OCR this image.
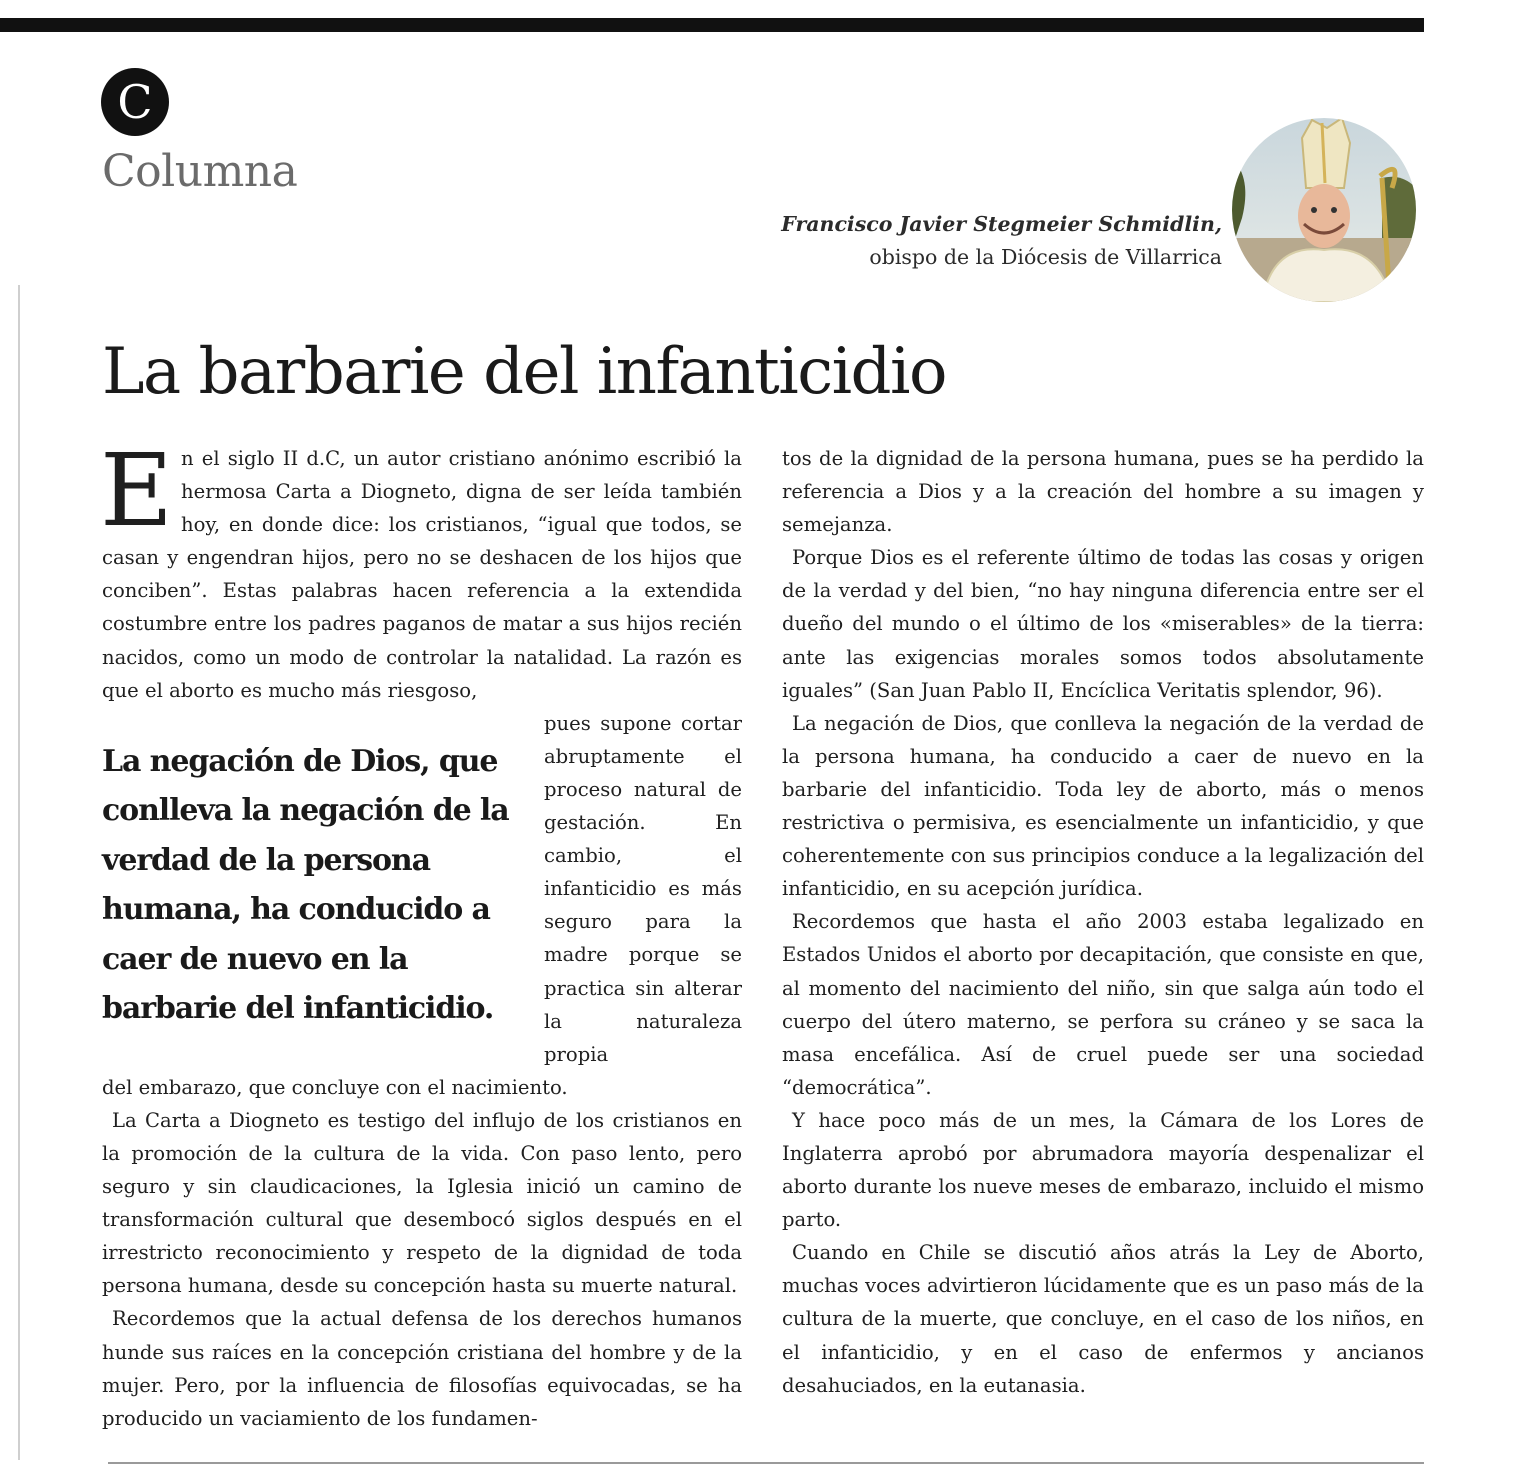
C
Columna
Francisco Javier Stegmeier Schmidlin,
obispo de la Diócesis de Villarrica
La barbarie del infanticidio

En el siglo II d.C, un autor cristiano anónimo escribió la hermosa Carta a Diogneto, digna de ser leída también hoy, en donde dice: los cristianos, “igual que todos, se casan y engendran hijos, pero no se deshacen de los hijos que conciben”. Estas palabras hacen referencia a la extendida costumbre entre los padres paganos de matar a sus hijos recién nacidos, como un modo de controlar la natalidad. La razón es que el aborto es mucho más riesgoso,

La negación de Dios, que conlleva la negación de la verdad de la persona humana, ha conducido a caer de nuevo en la barbarie del infanticidio.
pues supone cortar abruptamente el proceso natural de gestación. En cambio, el infanticidio es más seguro para la madre porque se practica sin alterar la naturaleza propia

del embarazo, que concluye con el nacimiento.

La Carta a Diogneto es testigo del influjo de los cristianos en la promoción de la cultura de la vida. Con paso lento, pero seguro y sin claudicaciones, la Iglesia inició un camino de transformación cultural que desembocó siglos después en el irrestricto reconocimiento y respeto de la dignidad de toda persona humana, desde su concepción hasta su muerte natural.

Recordemos que la actual defensa de los derechos humanos hunde sus raíces en la concepción cristiana del hombre y de la mujer. Pero, por la influencia de filosofías equivocadas, se ha producido un vaciamiento de los fundamen-

tos de la dignidad de la persona humana, pues se ha perdido la referencia a Dios y a la creación del hombre a su imagen y semejanza.

Porque Dios es el referente último de todas las cosas y origen de la verdad y del bien, “no hay ninguna diferencia entre ser el dueño del mundo o el último de los «miserables» de la tierra: ante las exigencias morales somos todos absolutamente iguales” (San Juan Pablo II, Encíclica Veritatis splendor, 96).

La negación de Dios, que conlleva la negación de la verdad de la persona humana, ha conducido a caer de nuevo en la barbarie del infanticidio. Toda ley de aborto, más o menos restrictiva o permisiva, es esencialmente un infanticidio, y que coherentemente con sus principios conduce a la legalización del infanticidio, en su acepción jurídica.

Recordemos que hasta el año 2003 estaba legalizado en Estados Unidos el aborto por decapitación, que consiste en que, al momento del nacimiento del niño, sin que salga aún todo el cuerpo del útero materno, se perfora su cráneo y se saca la masa encefálica. Así de cruel puede ser una sociedad “democrática”.

Y hace poco más de un mes, la Cámara de los Lores de Inglaterra aprobó por abrumadora mayoría despenalizar el aborto durante los nueve meses de embarazo, incluido el mismo parto.

Cuando en Chile se discutió años atrás la Ley de Aborto, muchas voces advirtieron lúcidamente que es un paso más de la cultura de la muerte, que concluye, en el caso de los niños, en el infanticidio, y en el caso de enfermos y ancianos desahuciados, en la eutanasia.
